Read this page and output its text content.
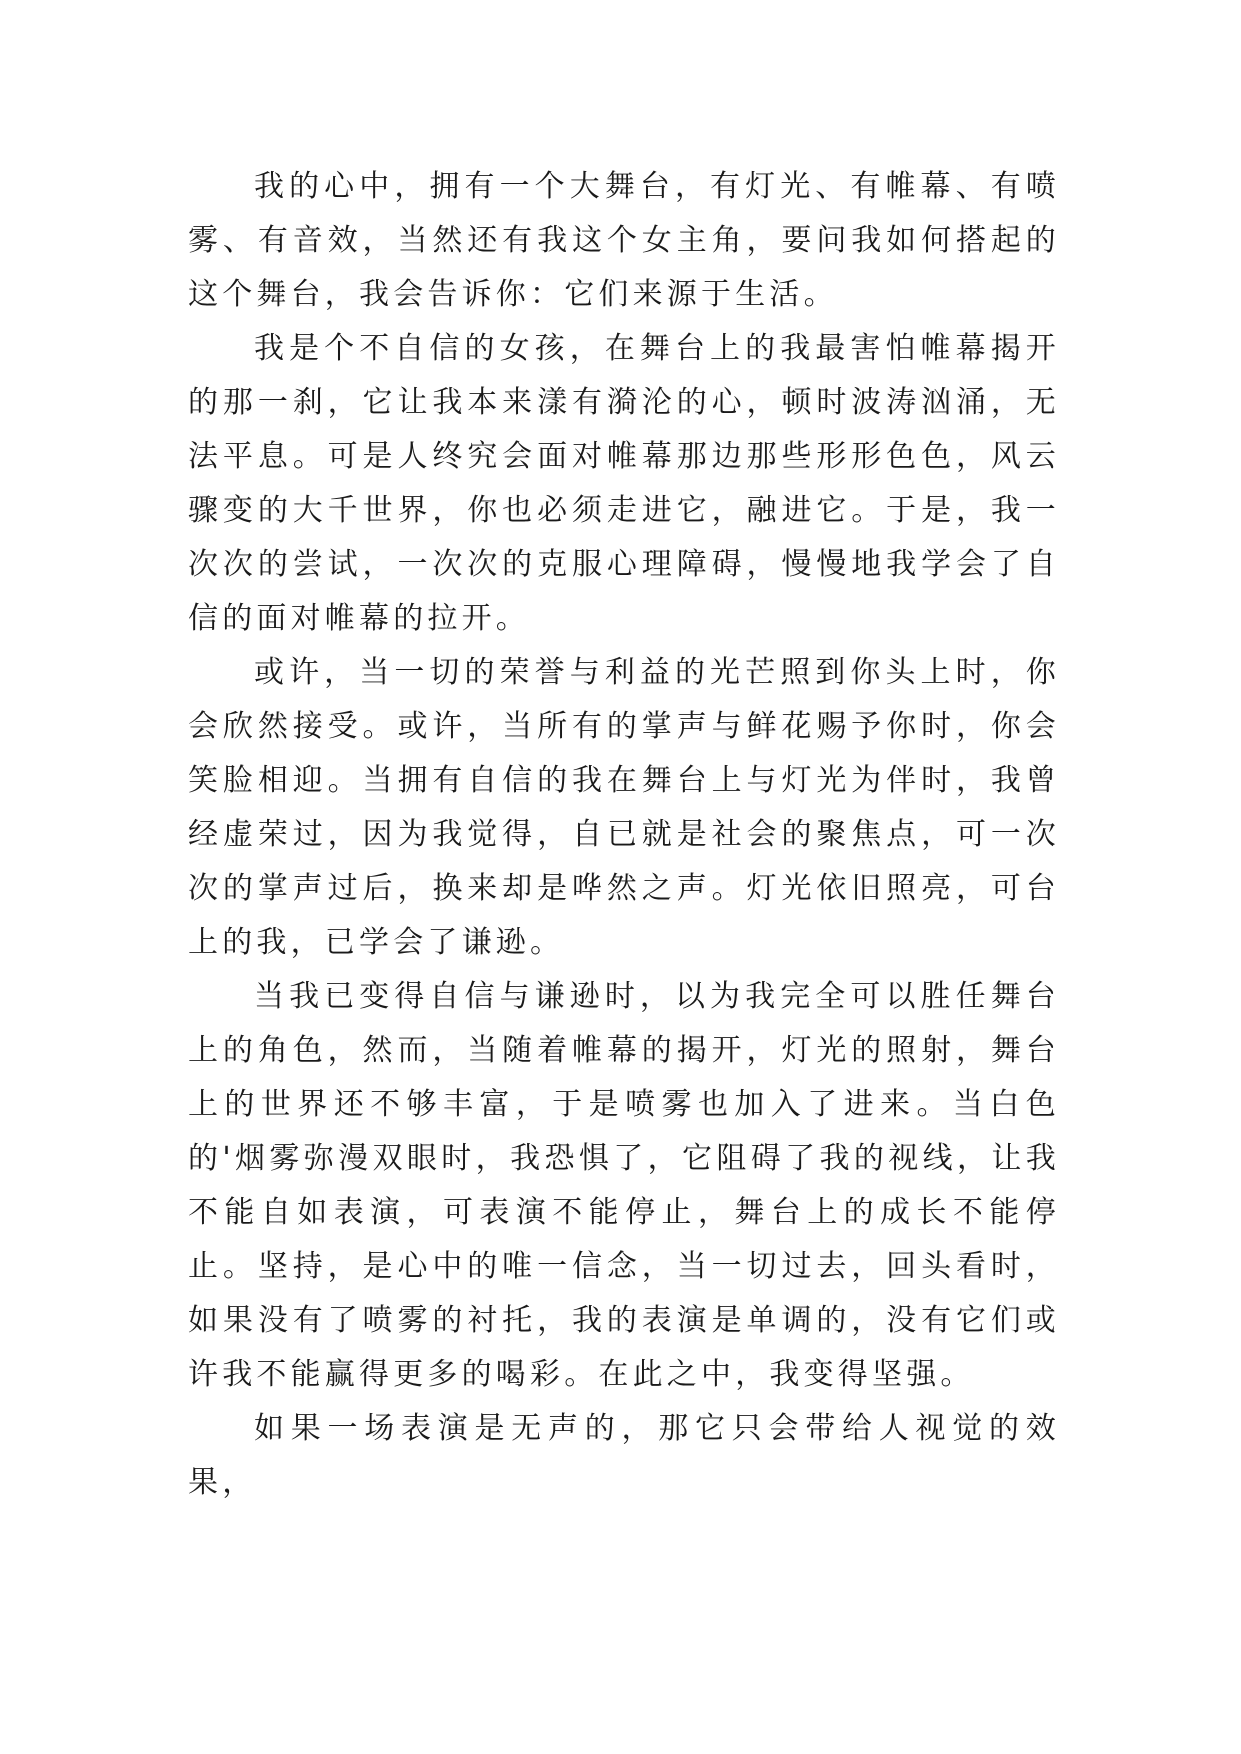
我的心中，拥有一个大舞台，有灯光、有帷幕、有喷雾、有音效，当然还有我这个女主角，要问我如何搭起的这个舞台，我会告诉你：它们来源于生活。

我是个不自信的女孩，在舞台上的我最害怕帷幕揭开的那一刹，它让我本来漾有漪沦的心，顿时波涛汹涌，无法平息。可是人终究会面对帷幕那边那些形形色色，风云骤变的大千世界，你也必须走进它，融进它。于是，我一次次的尝试，一次次的克服心理障碍，慢慢地我学会了自信的面对帷幕的拉开。

或许，当一切的荣誉与利益的光芒照到你头上时，你会欣然接受。或许，当所有的掌声与鲜花赐予你时，你会笑脸相迎。当拥有自信的我在舞台上与灯光为伴时，我曾经虚荣过，因为我觉得，自已就是社会的聚焦点，可一次次的掌声过后，换来却是哗然之声。灯光依旧照亮，可台上的我，已学会了谦逊。

当我已变得自信与谦逊时，以为我完全可以胜任舞台上的角色，然而，当随着帷幕的揭开，灯光的照射，舞台上的世界还不够丰富，于是喷雾也加入了进来。当白色的'烟雾弥漫双眼时，我恐惧了，它阻碍了我的视线，让我不能自如表演，可表演不能停止，舞台上的成长不能停止。坚持，是心中的唯一信念，当一切过去，回头看时，如果没有了喷雾的衬托，我的表演是单调的，没有它们或许我不能赢得更多的喝彩。在此之中，我变得坚强。

如果一场表演是无声的，那它只会带给人视觉的效果，
